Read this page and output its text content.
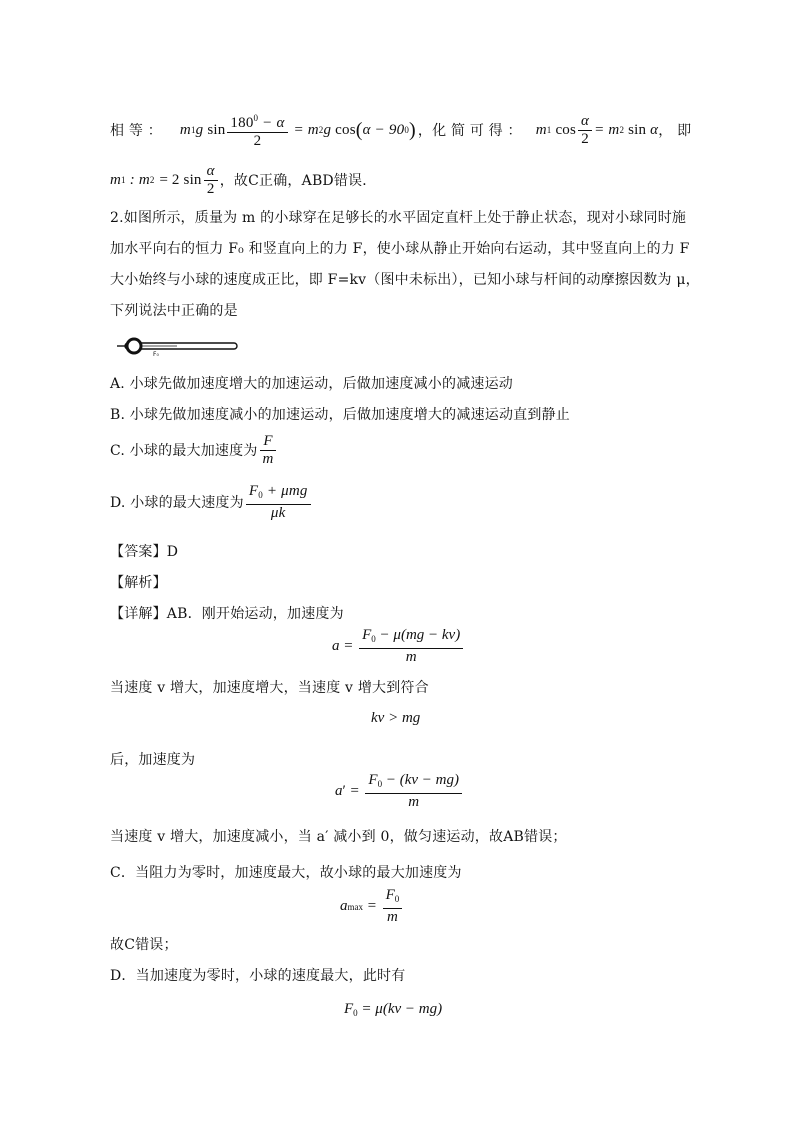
相 等 ： m 1 g $\sin \frac{180^0 - \alpha}{2} = m$ 2 g cos ( α − 90 0 ) ，化 简 可 得 ： m 1
$\cos \frac{\alpha}{2} = m$ 2
sin α ， 即
m 1 : m 2 = 2
$\sin \frac{\alpha}{2}$ ，故C正确，ABD错误．
2.如图所示，质量为 m 的小球穿在足够长的水平固定直杆上处于静止状态，现对小球同时施
加水平向右的恒力 F₀ 和竖直向上的力 F，使小球从静止开始向右运动，其中竖直向上的力 F
大小始终与小球的速度成正比，即 F=kv（图中未标出），已知小球与杆间的动摩擦因数为 μ，
下列说法中正确的是
F₀
A. 小球先做加速度增大的加速运动，后做加速度减小的减速运动
B. 小球先做加速度减小的加速运动，后做加速度增大的减速运动直到静止
C. 小球的最大加速度为 $\frac{F}{m}$
D. 小球的最大速度为 $\frac{F_0 + \mu mg}{\mu k}$
【答案】D
【解析】
【详解】AB．刚开始运动，加速度为
$a = \frac{F_0 - \mu(mg - kv)}{m}$
当速度 v 增大，加速度增大，当速度 v 增大到符合
kv > mg
后，加速度为
a ′ = $\frac{F_0 - (kv - mg)}{m}$
当速度 v 增大，加速度减小，当 a′ 减小到 0，做匀速运动，故AB错误；
C．当阻力为零时，加速度最大，故小球的最大加速度为
a $\max = \frac{F_0}{m}$
故C错误；
D．当加速度为零时，小球的速度最大，此时有
$F_0 = \mu(kv - mg)$
